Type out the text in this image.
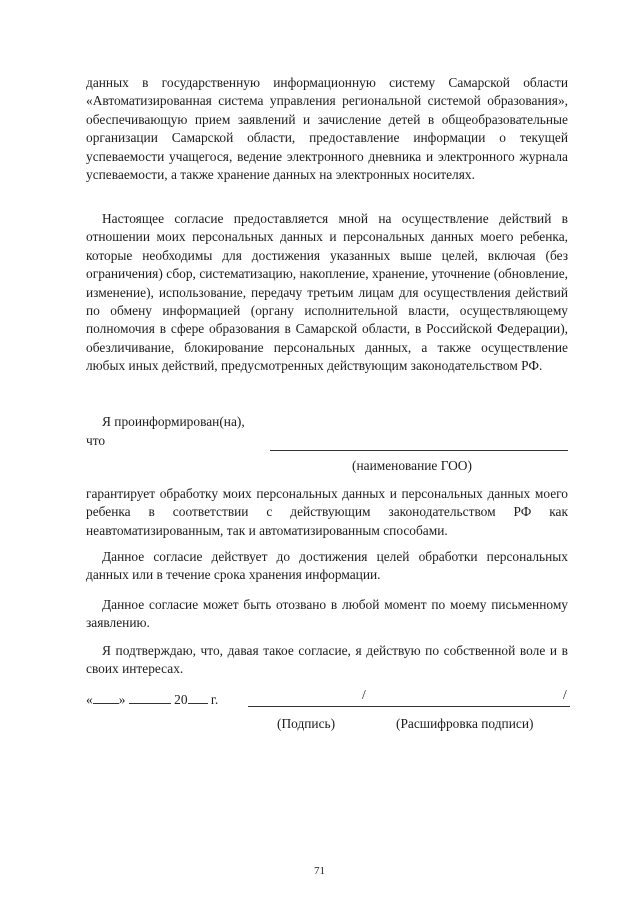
данных в государственную информационную систему Самарской области «Автоматизированная система управления региональной системой образования», обеспечивающую прием заявлений и зачисление детей в общеобразовательные организации Самарской области, предоставление информации о текущей успеваемости учащегося, ведение электронного дневника и электронного журнала успеваемости, а также хранение данных на электронных носителях.
Настоящее согласие предоставляется мной на осуществление действий в отношении моих персональных данных и персональных данных моего ребенка, которые необходимы для достижения указанных выше целей, включая (без ограничения) сбор, систематизацию, накопление, хранение, уточнение (обновление, изменение), использование, передачу третьим лицам для осуществления действий по обмену информацией (органу исполнительной власти, осуществляющему полномочия в сфере образования в Самарской области, в Российской Федерации), обезличивание, блокирование персональных данных, а также осуществление любых иных действий, предусмотренных действующим законодательством РФ.
Я проинформирован(на),
что
(наименование ГОО)
гарантирует обработку моих персональных данных и персональных данных моего ребенка в соответствии с действующим законодательством РФ как неавтоматизированным, так и автоматизированным способами.
Данное согласие действует до достижения целей обработки персональных данных или в течение срока хранения информации.
Данное согласие может быть отозвано в любой момент по моему письменному заявлению.
Я подтверждаю, что, давая такое согласие, я действую по собственной воле и в своих интересах.
« »	20 г.	/	/
(Подпись)	(Расшифровка подписи)
71
